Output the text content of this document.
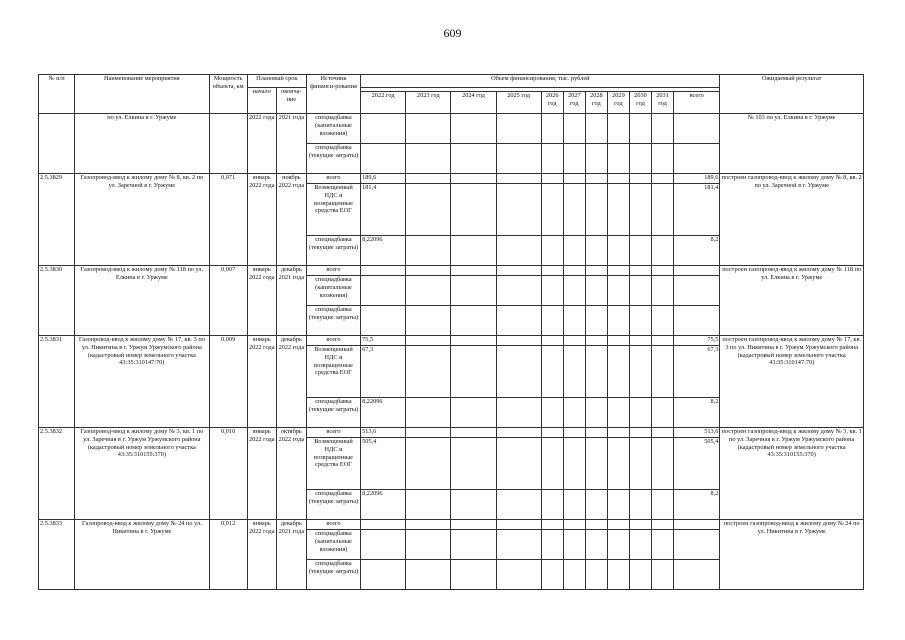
609
№ п/п	Наименование мероприятия	Мощность объекта, км	Плановый срок		Источник финанси-рования	Объем финансирования, тыс. рублей											Ожидаемый результат
			начало	оконча-ние													
						2022 год	2023 год	2024 год	2025 год	2026 год	2027 год	2028 год	2029 год	2030 год	2031 год	всего	
	по ул. Елкина в г. Уржуме		2022 года	2021 года	спецнадбавка (капитальные вложения)												№ 103 по ул. Елкина в г. Уржуме
					спецнадбавка (текущие затраты)												
2.5.3829	Газопровод-ввод к жилому дому № 8, кв. 2 по ул. Заречной в г. Уржуме	0,071	январь 2022 года	ноябрь 2022 года	всего	189,6										189,6	построен газопровод-ввод к жилому дому № 8, кв. 2 по ул. Заречной в г. Уржуме
					Возмещенный НДС и возвращенные средства ЕОГ	181,4										181,4	
					спецнадбавка (текущие затраты)	8,22096										8,2	
2.5.3830	Газопровод-ввод к жилому дому № 118 по ул. Елкина в г. Уржуме	0,007	январь 2022 года	декабрь 2021 года	всего												построен газопровод-ввод к жилому дому № 118 по ул. Елкина в г. Уржуме
					спецнадбавка (капитальные вложения)												
					спецнадбавка (текущие затраты)												
2.5.3831	Газопровод-ввод к жилому дому № 17, кв. 3 по ул. Никитина в г. Уржум Уржумского района (кадастровый номер земельного участка 43:35:310147:70)	0,009	январь 2022 года	декабрь 2022 года	всего	75,5										75,5	построен газопровод-ввод к жилому дому № 17, кв. 3 по ул. Никитина в г. Уржум Уржумского района (кадастровый номер земельного участка 43:35:310147:70)
					Возмещенный НДС и возвращенные средства ЕОГ	67,3										67,3	
					спецнадбавка (текущие затраты)	8,22096										8,2	
2.5.3832	Газопровод-ввод к жилому дому № 3, кв. 1 по ул. Заречная в г. Уржум Уржумского района (кадастровый номер земельного участка 43:35:310155:370)	0,010	январь 2022 года	октябрь 2022 года	всего	513,6										513,6	построен газопровод-ввод к жилому дому № 3, кв. 1 по ул. Заречная в г. Уржум Уржумского района (кадастровый номер земельного участка 43:35:310155:370)
					Возмещенный НДС и возвращенные средства ЕОГ	505,4										505,4	
					спецнадбавка (текущие затраты)	8,22096										8,2	
2.5.3833	Газопровод-ввод к жилому дому № 24 по ул. Никитина в г. Уржуме	0,012	январь 2022 года	декабрь 2021 года	всего												построен газопровод-ввод к жилому дому № 24 по ул. Никитина в г. Уржуме
					спецнадбавка (капитальные вложения)												
					спецнадбавка (текущие затраты)												
